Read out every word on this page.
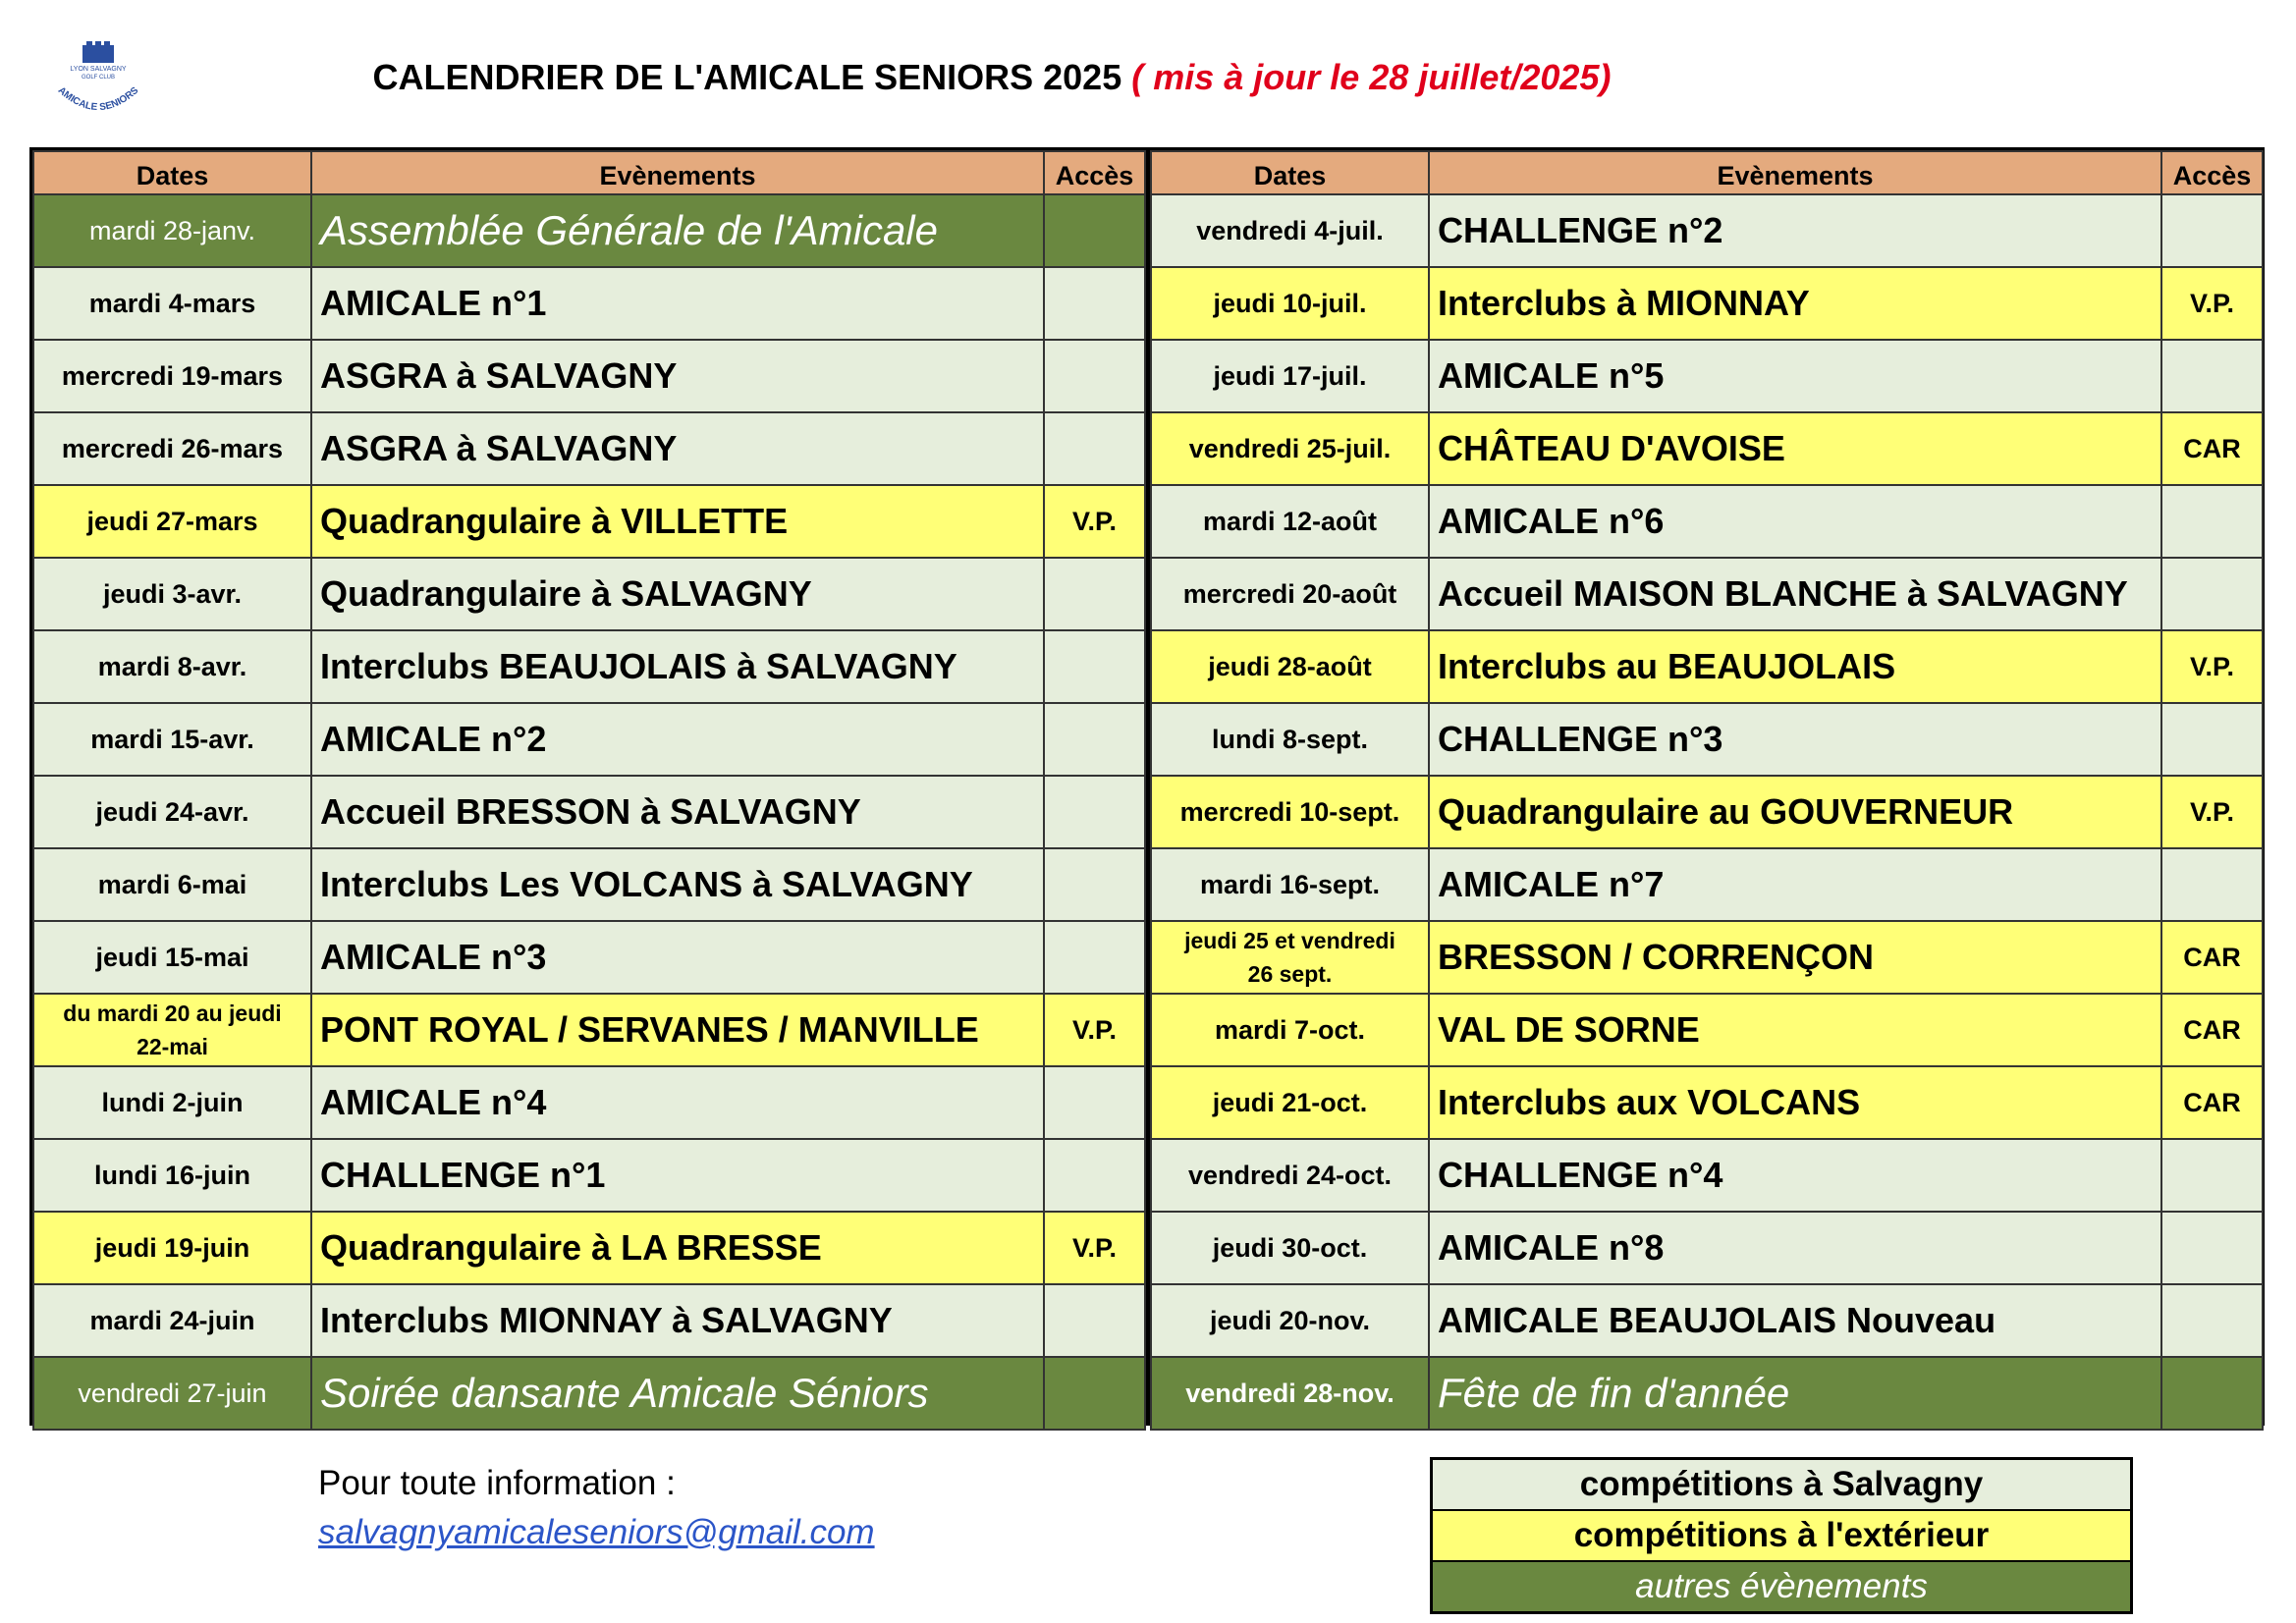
LYON SALVAGNY
GOLF CLUB
AMICALE SENIORS	CALENDRIER DE L'AMICALE SENIORS 2025 ( mis à jour le 28 juillet/2025)
Dates	Evènements	Accès
mardi 28-janv.	Assemblée Générale de l'Amicale	
mardi 4-mars	AMICALE n°1	
mercredi 19-mars	ASGRA à SALVAGNY	
mercredi 26-mars	ASGRA à SALVAGNY	
jeudi 27-mars	Quadrangulaire à VILLETTE	V.P.
jeudi 3-avr.	Quadrangulaire à SALVAGNY	
mardi 8-avr.	Interclubs BEAUJOLAIS à SALVAGNY	
mardi 15-avr.	AMICALE n°2	
jeudi 24-avr.	Accueil BRESSON à SALVAGNY	
mardi 6-mai	Interclubs Les VOLCANS à SALVAGNY	
jeudi 15-mai	AMICALE n°3	
du mardi 20 au jeudi
22-mai	PONT ROYAL / SERVANES / MANVILLE	V.P.
lundi 2-juin	AMICALE n°4	
lundi 16-juin	CHALLENGE n°1	
jeudi 19-juin	Quadrangulaire à LA BRESSE	V.P.
mardi 24-juin	Interclubs MIONNAY à SALVAGNY	
vendredi 27-juin	Soirée dansante Amicale Séniors	
Dates	Evènements	Accès
vendredi 4-juil.	CHALLENGE n°2	
jeudi 10-juil.	Interclubs à MIONNAY	V.P.
jeudi 17-juil.	AMICALE n°5	
vendredi 25-juil.	CHÂTEAU D'AVOISE	CAR
mardi 12-août	AMICALE n°6	
mercredi 20-août	Accueil MAISON BLANCHE à SALVAGNY	
jeudi 28-août	Interclubs au BEAUJOLAIS	V.P.
lundi 8-sept.	CHALLENGE n°3	
mercredi 10-sept.	Quadrangulaire au GOUVERNEUR	V.P.
mardi 16-sept.	AMICALE n°7	
jeudi 25 et vendredi
26 sept.	BRESSON / CORRENÇON	CAR
mardi 7-oct.	VAL DE SORNE	CAR
jeudi 21-oct.	Interclubs aux VOLCANS	CAR
vendredi 24-oct.	CHALLENGE n°4	
jeudi 30-oct.	AMICALE n°8	
jeudi 20-nov.	AMICALE BEAUJOLAIS Nouveau	
vendredi 28-nov.	Fête de fin d'année	
Pour toute information :
salvagnyamicaleseniors@gmail.com
compétitions à Salvagny
compétitions à l'extérieur
autres évènements
